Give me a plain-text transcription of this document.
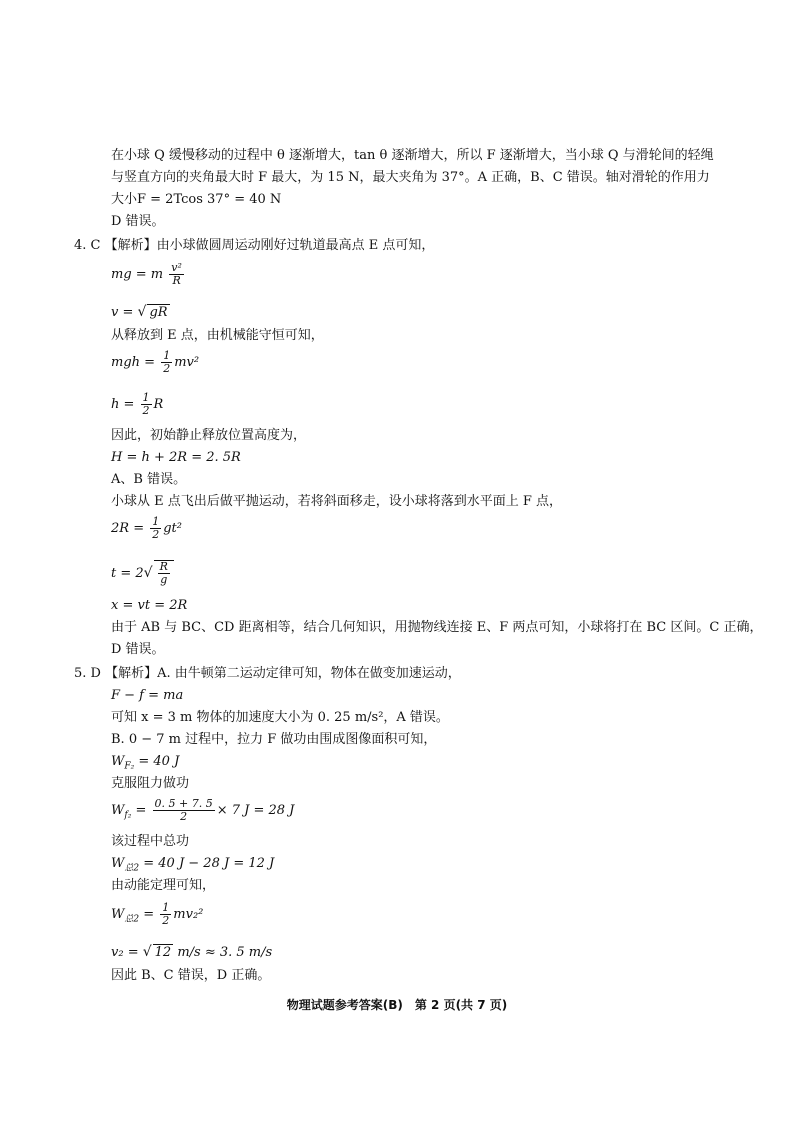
在小球 Q 缓慢移动的过程中 θ 逐渐增大，tan θ 逐渐增大，所以 F 逐渐增大，当小球 Q 与滑轮间的轻绳
与竖直方向的夹角最大时 F 最大，为 15 N，最大夹角为 37°。A 正确，B、C 错误。轴对滑轮的作用力
大小F = 2Tcos 37° = 40 N
D 错误。
4. C 【解析】由小球做圆周运动刚好过轨道最高点 E 点可知，
mg = m $\frac{\text{v²}}{R}$
v = √ gR
从释放到 E 点，由机械能守恒可知，
mgh = $\frac{1}{2} mv^2$
$h = \frac{1}{2}$ R
因此，初始静止释放位置高度为，
H = h + 2R = 2. 5R
A、B 错误。
小球从 E 点飞出后做平抛运动，若将斜面移走，设小球将落到水平面上 F 点，
$2R = \frac{1}{2} gt^2$
$t = 2√ \frac{R}{g}$
x = vt = 2R
由于 AB 与 BC、CD 距离相等，结合几何知识，用抛物线连接 E、F 两点可知，小球将打在 BC 区间。C 正确，
D 错误。
5. D 【解析】A. 由牛顿第二运动定律可知，物体在做变加速运动，
F − f = ma
可知 x = 3 m 物体的加速度大小为 0. 25 m/s²，A 错误。
B. 0 − 7 m 过程中，拉力 F 做功由围成图像面积可知，
$W_{F_2} = 40$ J
克服阻力做功
$W_{f_2} = \frac{0. 5 + 7. 5}{2} \times 7$ J = 28 J
该过程中总功
$W_{总2} = 40$ J − 28 J = 12 J
由动能定理可知，
$W_{总2} = \frac{1}{2} mv_2^2$
v₂ = √ 12 m/s ≈ 3. 5 m/s
因此 B、C 错误，D 正确。
物理试题参考答案(B)　第 2 页(共 7 页)
